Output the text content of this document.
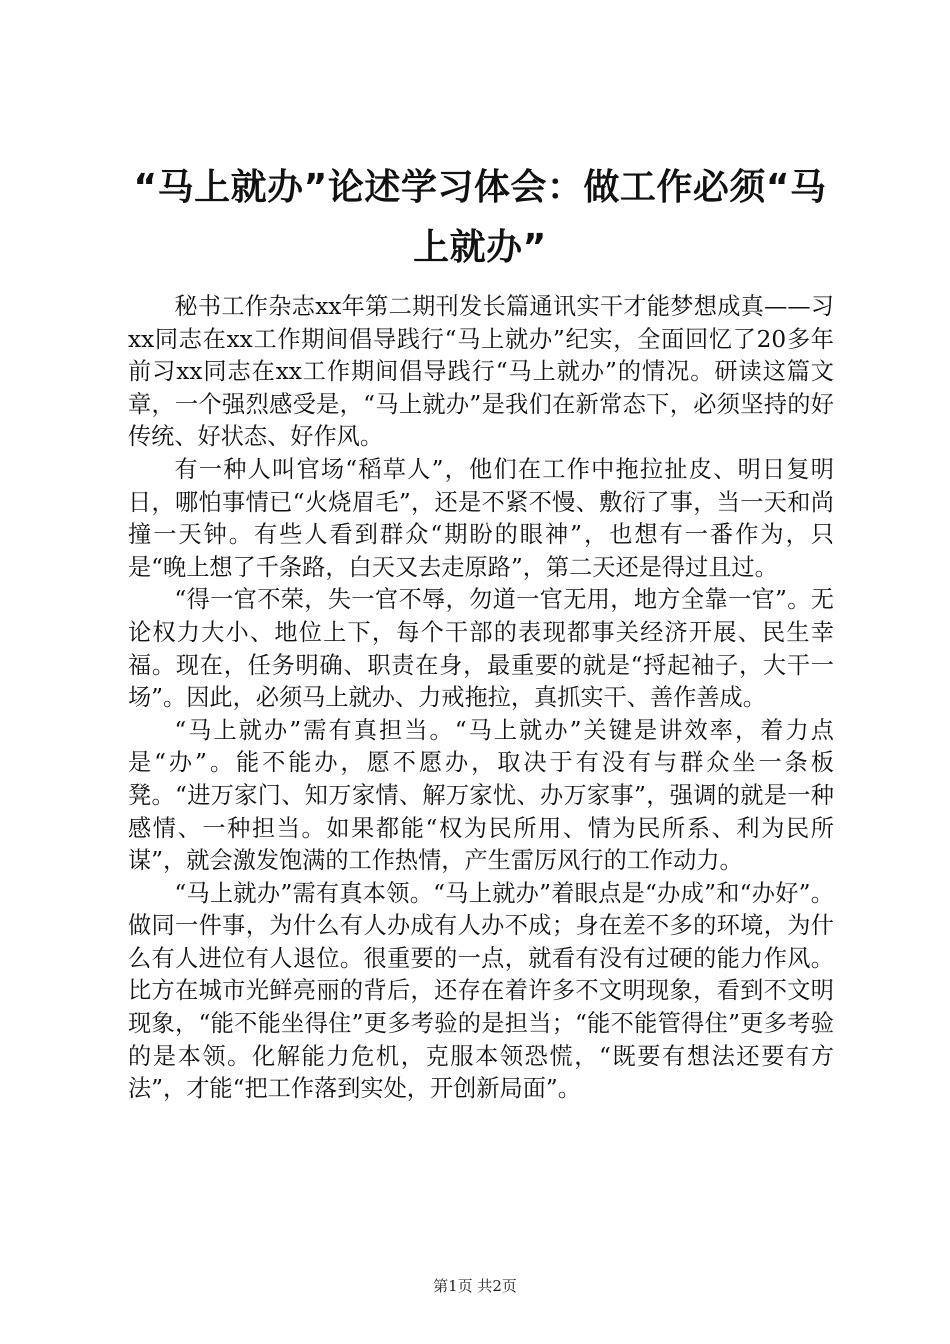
“马上就办”论述学习体会：做工作必须“马上就办”

秘书工作杂志xx年第二期刊发长篇通讯实干才能梦想成真——习xx同志在xx工作期间倡导践行“马上就办”纪实，全面回忆了20多年前习xx同志在xx工作期间倡导践行“马上就办”的情况。研读这篇文章，一个强烈感受是，“马上就办”是我们在新常态下，必须坚持的好传统、好状态、好作风。

有一种人叫官场“稻草人”，他们在工作中拖拉扯皮、明日复明日，哪怕事情已“火烧眉毛”，还是不紧不慢、敷衍了事，当一天和尚撞一天钟。有些人看到群众“期盼的眼神”，也想有一番作为，只是“晚上想了千条路，白天又去走原路”，第二天还是得过且过。

“得一官不荣，失一官不辱，勿道一官无用，地方全靠一官”。无论权力大小、地位上下，每个干部的表现都事关经济开展、民生幸福。现在，任务明确、职责在身，最重要的就是“捋起袖子，大干一场”。因此，必须马上就办、力戒拖拉，真抓实干、善作善成。

“马上就办”需有真担当。“马上就办”关键是讲效率，着力点是“办”。能不能办，愿不愿办，取决于有没有与群众坐一条板凳。“进万家门、知万家情、解万家忧、办万家事”，强调的就是一种感情、一种担当。如果都能“权为民所用、情为民所系、利为民所谋”，就会激发饱满的工作热情，产生雷厉风行的工作动力。

“马上就办”需有真本领。“马上就办”着眼点是“办成”和“办好”。做同一件事，为什么有人办成有人办不成；身在差不多的环境，为什么有人进位有人退位。很重要的一点，就看有没有过硬的能力作风。比方在城市光鲜亮丽的背后，还存在着许多不文明现象，看到不文明现象，“能不能坐得住”更多考验的是担当；“能不能管得住”更多考验的是本领。化解能力危机，克服本领恐慌，“既要有想法还要有方法”，才能“把工作落到实处，开创新局面”。

第1页 共2页
